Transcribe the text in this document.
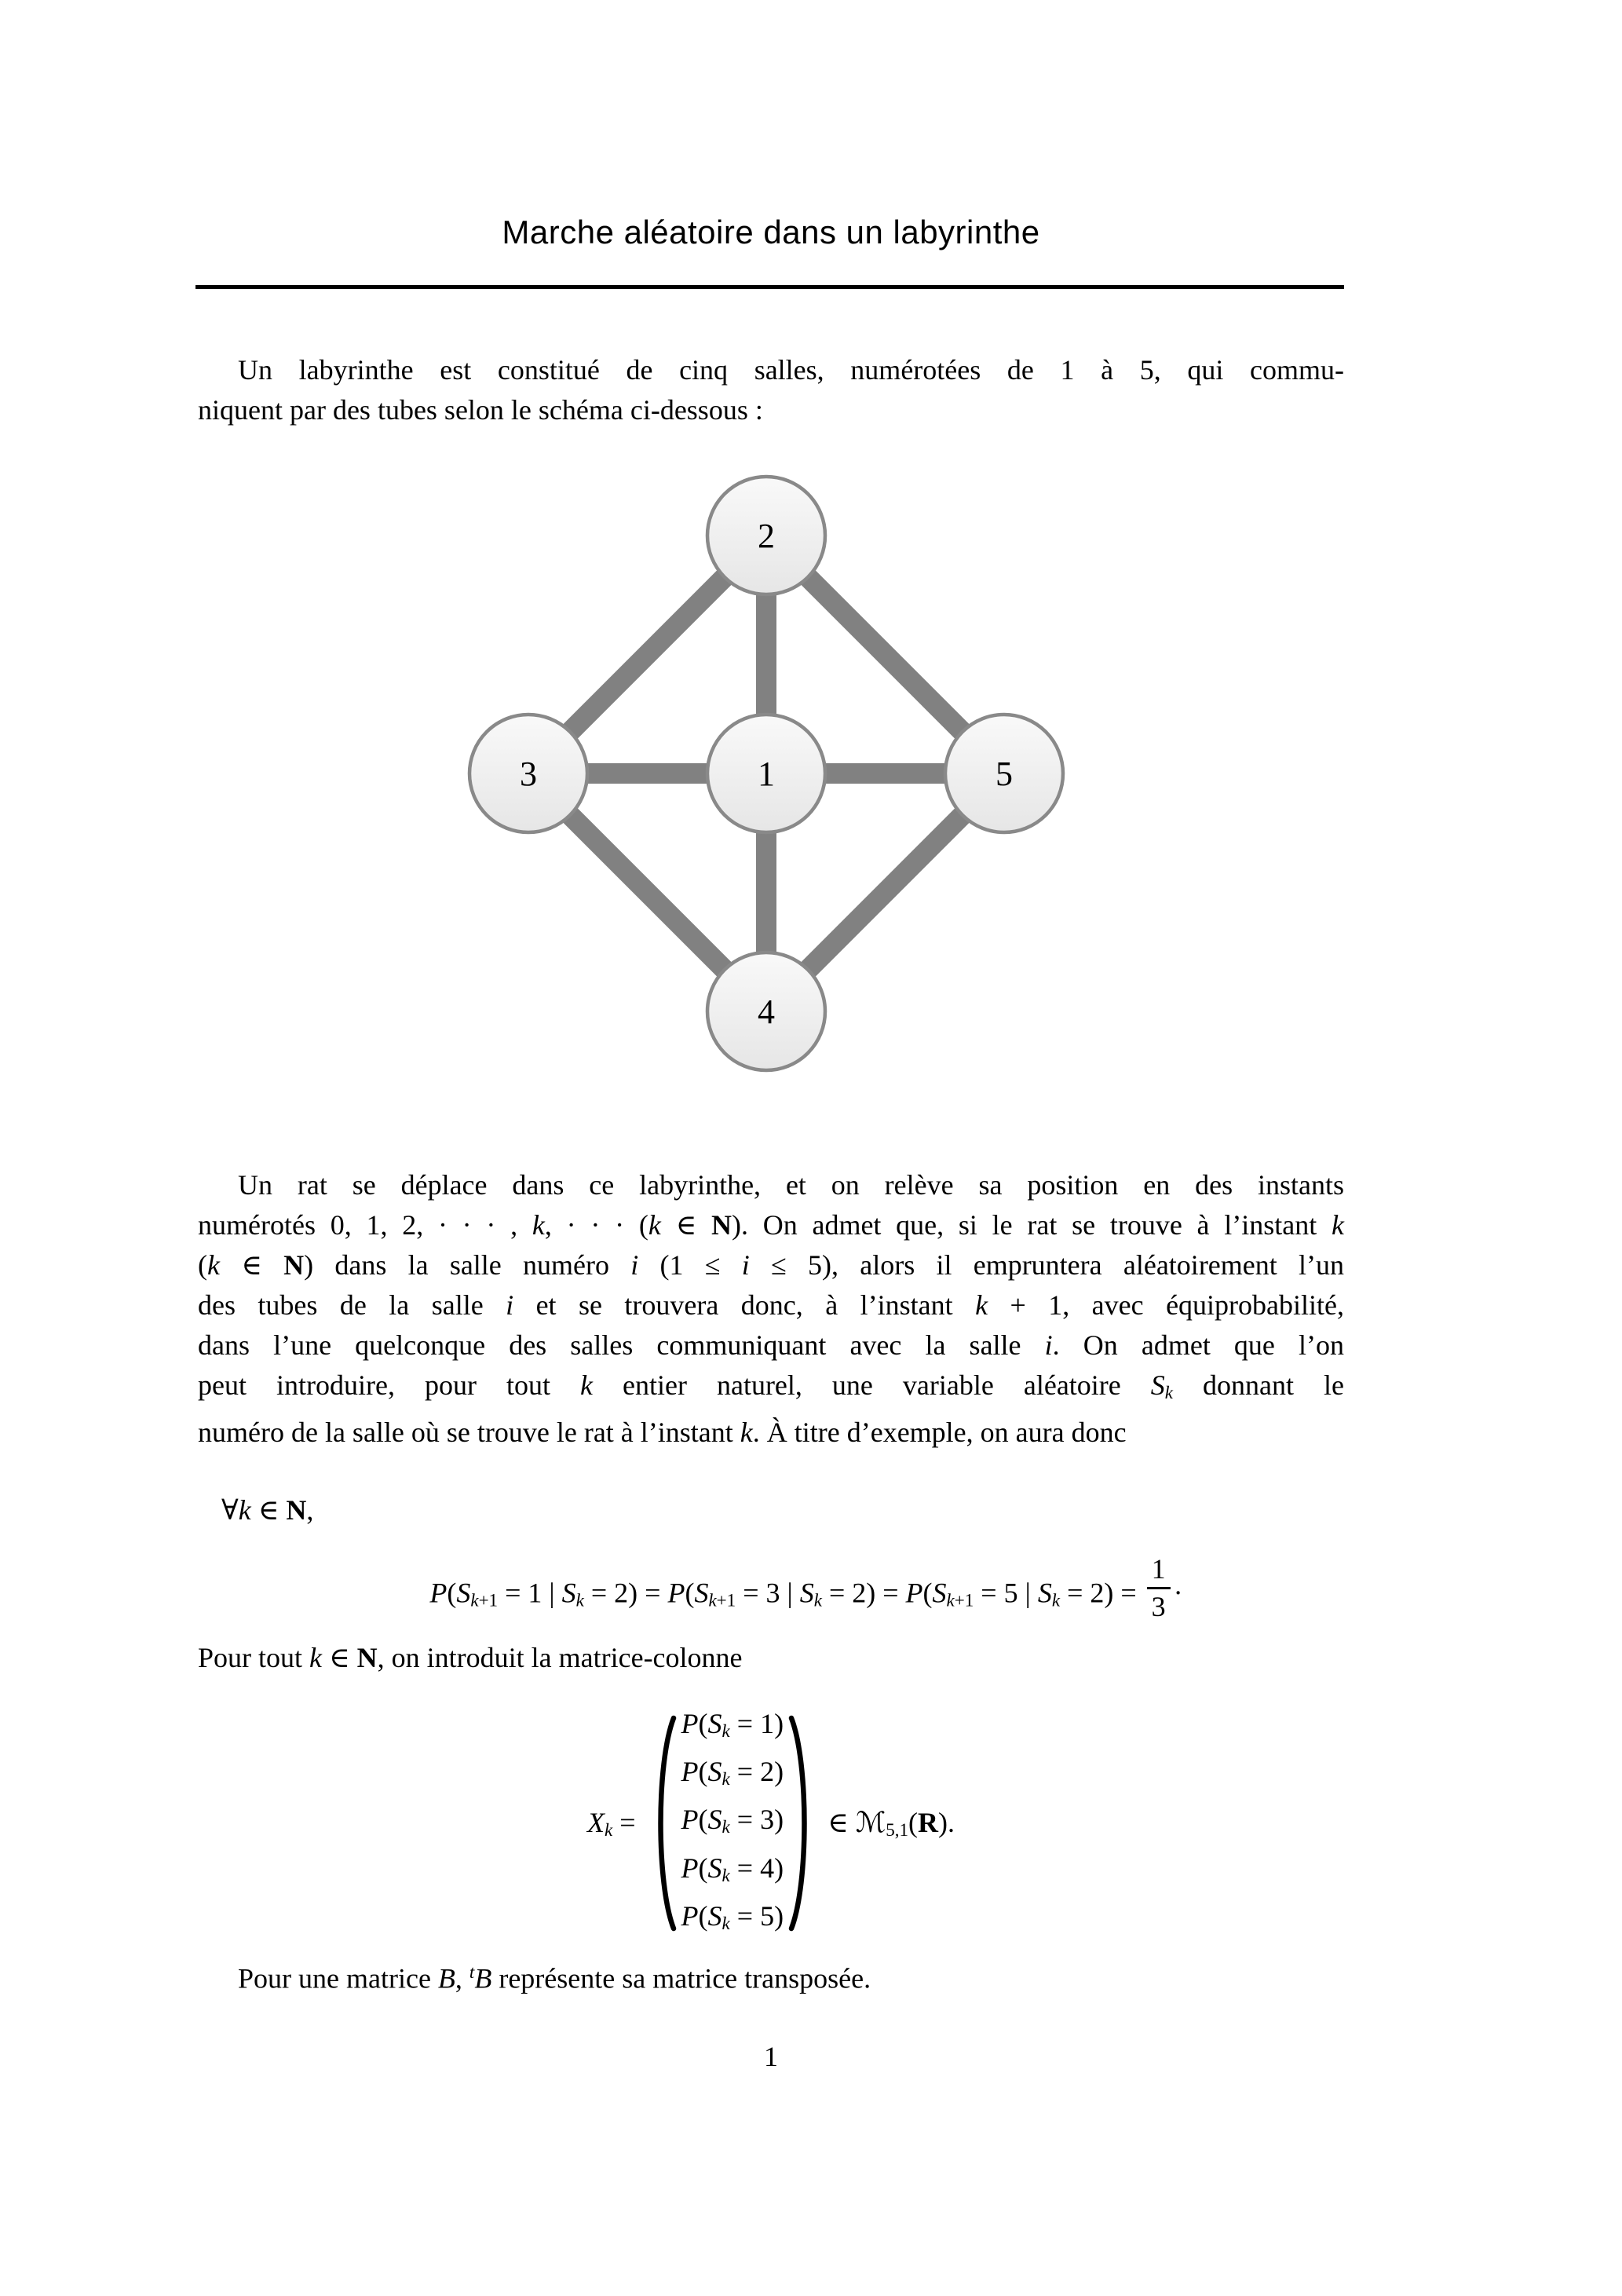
Marche aléatoire dans un labyrinthe
Un labyrinthe est constitué de cinq salles, numérotées de 1 à 5, qui commu-
niquent par des tubes selon le schéma ci-dessous :
1
2
3
4
5
Un rat se déplace dans ce labyrinthe, et on relève sa position en des instants
numérotés 0, 1, 2, · · · , k, · · · (k ∈ N). On admet que, si le rat se trouve à l’instant k
(k ∈ N) dans la salle numéro i (1 ≤ i ≤ 5), alors il empruntera aléatoirement l’un
des tubes de la salle i et se trouvera donc, à l’instant k + 1, avec équiprobabilité,
dans l’une quelconque des salles communiquant avec la salle i. On admet que l’on
peut introduire, pour tout k entier naturel, une variable aléatoire Sk donnant le
numéro de la salle où se trouve le rat à l’instant k. À titre d’exemple, on aura donc
∀k ∈ N,
P(Sk+1 = 1 | Sk = 2) = P(Sk+1 = 3 | Sk = 2) = P(Sk+1 = 5 | $Sk = 2) = \frac{1}{3}$ ·
Pour tout k ∈ N, on introduit la matrice-colonne
Xk =
P(Sk = 1)
P(Sk = 2)
P(Sk = 3)
P(Sk = 4)
P(Sk = 5)
∈ ℳ5,1(R).
Pour une matrice B, $^t$B représente sa matrice transposée.
1
